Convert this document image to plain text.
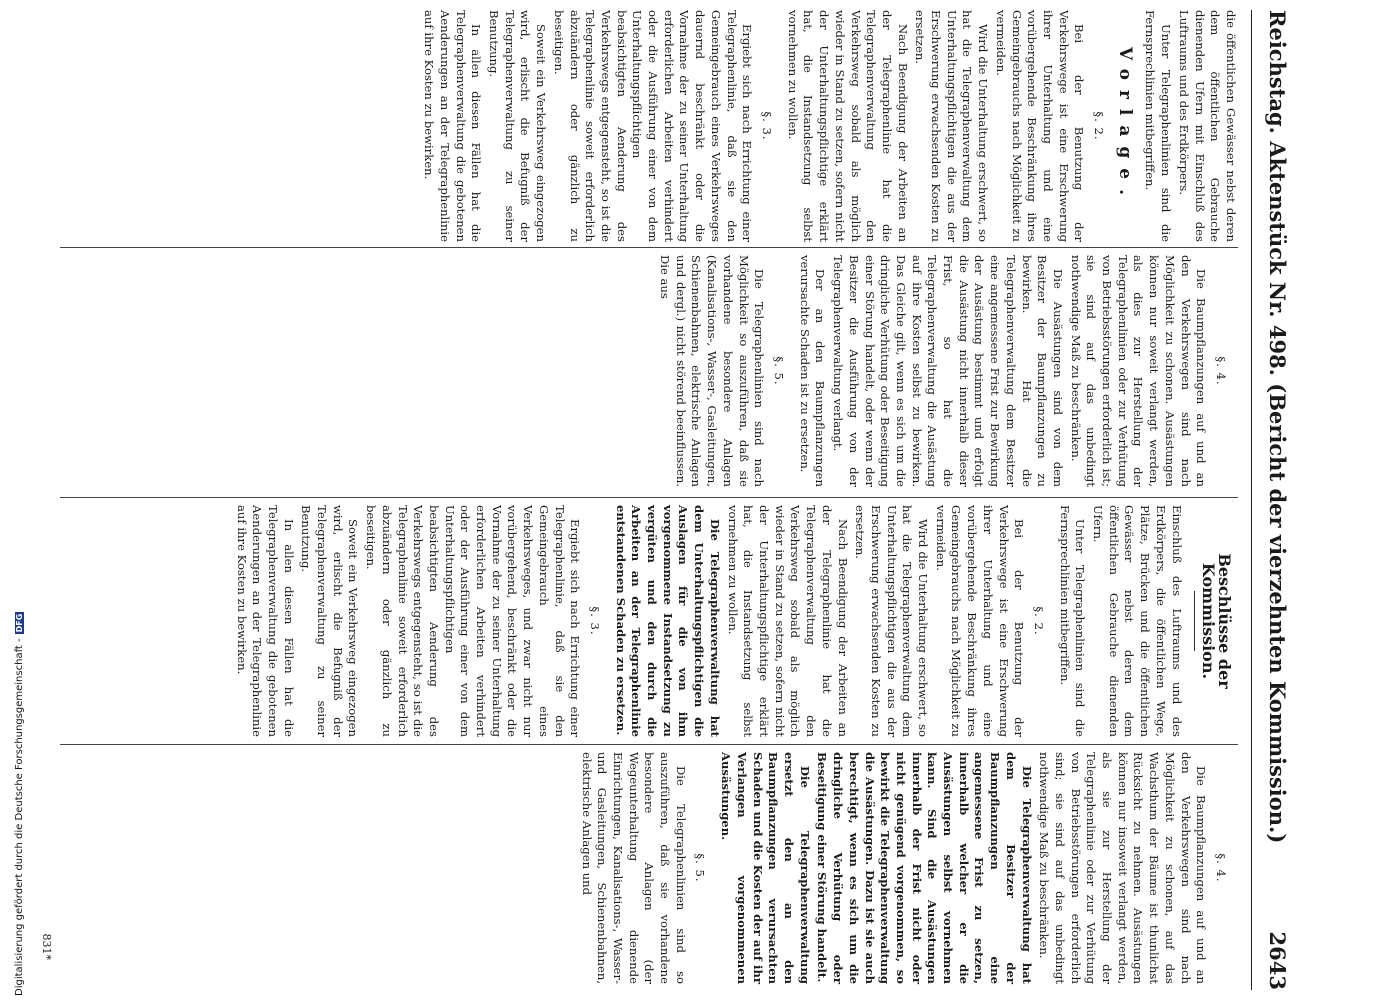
Reichstag. Aktenstück Nr. 498. (Bericht der vierzehnten Kommission.)
2643

die öffentlichen Gewässer nebst deren dem öffentlichen Gebrauche dienenden Ufern mit Einschluß des Luftraums und des Erdkörpers.

Unter Telegraphenlinien sind die Fernsprechlinien mitbegriffen.

Vorlage.
§. 2.

Bei der Benutzung der Verkehrswege ist eine Erschwerung ihrer Unterhaltung und eine vorübergehende Beschränkung ihres Gemeingebrauchs nach Möglichkeit zu vermeiden.

Wird die Unterhaltung erschwert, so hat die Telegraphenverwaltung dem Unterhaltungspflichtigen die aus der Erschwerung erwachsenden Kosten zu ersetzen.

Nach Beendigung der Arbeiten an der Telegraphenlinie hat die Telegraphenverwaltung den Verkehrsweg sobald als möglich wieder in Stand zu setzen, sofern nicht der Unterhaltungspflichtige erklärt hat, die Instandsetzung selbst vornehmen zu wollen.

§. 3.

Ergiebt sich nach Errichtung einer Telegraphenlinie, daß sie den Gemeingebrauch eines Verkehrsweges dauernd beschränkt oder die Vornahme der zu seiner Unterhaltung erforderlichen Arbeiten verhindert oder die Ausführung einer von dem Unterhaltungspflichtigen beabsichtigten Aenderung des Verkehrswegs entgegensteht, so ist die Telegraphenlinie soweit erforderlich abzuändern oder gänzlich zu beseitigen.

Soweit ein Verkehrsweg eingezogen wird, erlischt die Befugniß der Telegraphenverwaltung zu seiner Benutzung.

In allen diesen Fällen hat die Telegraphenverwaltung die gebotenen Aenderungen an der Telegraphenlinie auf ihre Kosten zu bewirken.

§. 4.

Die Baumpflanzungen auf und an den Verkehrswegen sind nach Möglichkeit zu schonen. Ausästungen können nur soweit verlangt werden, als dies zur Herstellung der Telegraphenlinien oder zur Verhütung von Betriebsstörungen erforderlich ist; sie sind auf das unbedingt nothwendige Maß zu beschränken.

Die Ausästungen sind von dem Besitzer der Baumpflanzungen zu bewirken. Hat die Telegraphenverwaltung dem Besitzer eine angemessene Frist zur Bewirkung der Ausästung bestimmt und erfolgt die Ausästung nicht innerhalb dieser Frist, so hat die Telegraphenverwaltung die Ausästung auf ihre Kosten selbst zu bewirken. Das Gleiche gilt, wenn es sich um die dringliche Verhütung oder Beseitigung einer Störung handelt, oder wenn der Besitzer die Ausführung von der Telegraphenverwaltung verlangt.

Der an den Baumpflanzungen verursachte Schaden ist zu ersetzen.

§. 5.

Die Telegraphenlinien sind nach Möglichkeit so auszuführen, daß sie vorhandene besondere Anlagen (Kanalisations-, Wasser-, Gasleitungen, Schienenbahnen, elektrische Anlagen und dergl.) nicht störend beeinflussen. Die aus

Beschlüsse der Kommission.

Einschluß des Luftraums und des Erdkörpers, die öffentlichen Wege, Plätze, Brücken und die öffentlichen Gewässer nebst deren dem öffentlichen Gebrauche dienenden Ufern.

Unter Telegraphenlinien sind die Fernsprechlinien mitbegriffen.

§. 2.

Bei der Benutzung der Verkehrswege ist eine Erschwerung ihrer Unterhaltung und eine vorübergehende Beschränkung ihres Gemeingebrauchs nach Möglichkeit zu vermeiden.

Wird die Unterhaltung erschwert, so hat die Telegraphenverwaltung dem Unterhaltungspflichtigen die aus der Erschwerung erwachsenden Kosten zu ersetzen.

Nach Beendigung der Arbeiten an der Telegraphenlinie hat die Telegraphenverwaltung den Verkehrsweg sobald als möglich wieder in Stand zu setzen, sofern nicht der Unterhaltungspflichtige erklärt hat, die Instandsetzung selbst vornehmen zu wollen.

Die Telegraphenverwaltung hat dem Unterhaltungspflichtigen die Auslagen für die von ihm vorgenommene Instandsetzung zu vergüten und den durch die Arbeiten an der Telegraphenlinie entstandenen Schaden zu ersetzen.

§. 3.

Ergiebt sich nach Errichtung einer Telegraphenlinie, daß sie den Gemeingebrauch eines Verkehrsweges, und zwar nicht nur vorübergehend, beschränkt oder die Vornahme der zu seiner Unterhaltung erforderlichen Arbeiten verhindert oder der Ausführung einer von dem Unterhaltungspflichtigen beabsichtigten Aenderung des Verkehrswegs entgegensteht, so ist die Telegraphenlinie soweit erforderlich abzuändern oder gänzlich zu beseitigen.

Soweit ein Verkehrsweg eingezogen wird, erlischt die Befugniß der Telegraphenverwaltung zu seiner Benutzung.

In allen diesen Fällen hat die Telegraphenverwaltung die gebotenen Aenderungen an der Telegraphenlinie auf ihre Kosten zu bewirken.

§. 4.

Die Baumpflanzungen auf und an den Verkehrswegen sind nach Möglichkeit zu schonen, auf das Wachsthum der Bäume ist thunlichst Rücksicht zu nehmen. Ausästungen können nur insoweit verlangt werden, als sie zur Herstellung der Telegraphenlinie oder zur Verhütung von Betriebsstörungen erforderlich sind; sie sind auf das unbedingt nothwendige Maß zu beschränken.

Die Telegraphenverwaltung hat dem Besitzer der Baumpflanzungen eine angemessene Frist zu setzen, innerhalb welcher er die Ausästungen selbst vornehmen kann. Sind die Ausästungen innerhalb der Frist nicht oder nicht genügend vorgenommen, so bewirkt die Telegraphenverwaltung die Ausästungen. Dazu ist sie auch berechtigt, wenn es sich um die dringliche Verhütung oder Beseitigung einer Störung handelt.

Die Telegraphenverwaltung ersetzt den an den Baumpflanzungen verursachten Schaden und die Kosten der auf ihr Verlangen vorgenommenen Ausästungen.

§. 5.

Die Telegraphenlinien sind so auszuführen, daß sie vorhandene besondere Anlagen (der Wegeunterhaltung dienende Einrichtungen, Kanalisations-, Wasser- und Gasleitungen, Schienenbahnen, elektrische Anlagen und

831*
Digitalisierung gefördert durch die Deutsche Forschungsgemeinschaft -DFG
